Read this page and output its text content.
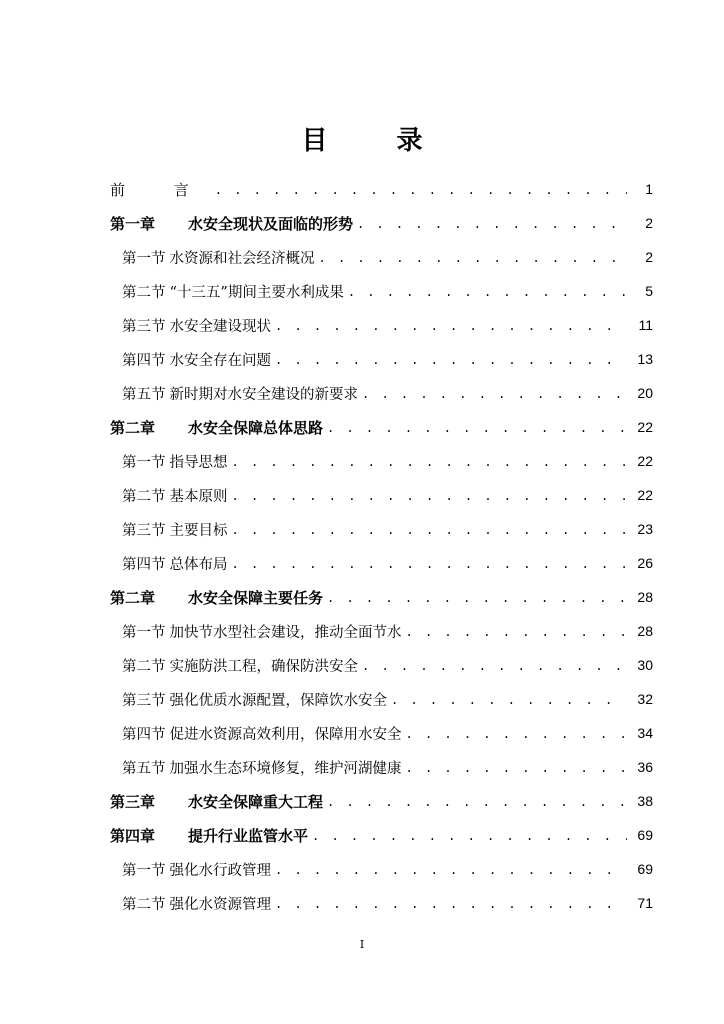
目 录
前 言 . . .	1
第一章	水安全现状及面临的形势 . . .	2
第一节 水资源和社会经济概况 . . .	2
第二节 “十三五”期间主要水利成果 . . .	5
第三节 水安全建设现状 . . .	11
第四节 水安全存在问题 . . .	13
第五节 新时期对水安全建设的新要求 . . .	20
第二章	水安全保障总体思路 . . .	22
第一节 指导思想 . . .	22
第二节 基本原则 . . .	22
第三节 主要目标 . . .	23
第四节 总体布局 . . .	26
第二章	水安全保障主要任务 . . .	28
第一节 加快节水型社会建设，推动全面节水 . . .	28
第二节 实施防洪工程，确保防洪安全 . . .	30
第三节 强化优质水源配置，保障饮水安全 . . .	32
第四节 促进水资源高效利用，保障用水安全 . . .	34
第五节 加强水生态环境修复，维护河湖健康 . . .	36
第三章	水安全保障重大工程 . . .	38
第四章	提升行业监管水平 . . .	69
第一节 强化水行政管理 . . .	69
第二节 强化水资源管理 . . .	71
I
